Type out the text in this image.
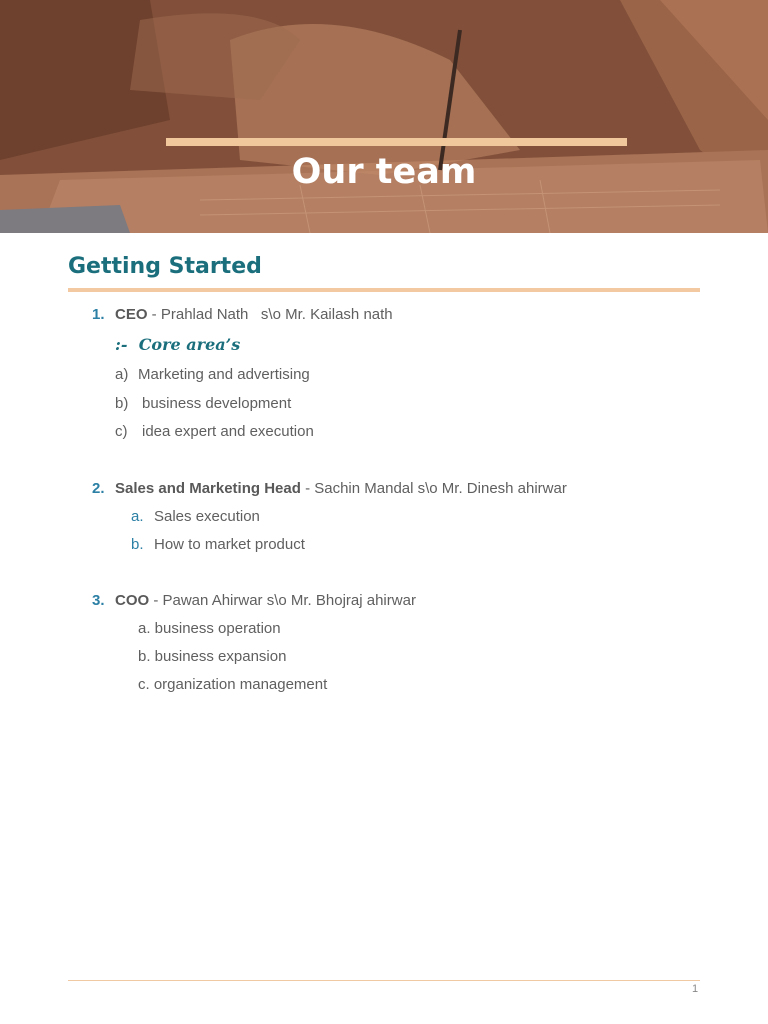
Our team
Getting Started
1. CEO - Prahlad Nath   s\o Mr. Kailash nath
:-  Core area’s
a) Marketing and advertising
b) business development
c) idea expert and execution
2. Sales and Marketing Head - Sachin Mandal s\o Mr. Dinesh ahirwar
a. Sales execution
b. How to market product
3. COO - Pawan Ahirwar s\o Mr. Bhojraj ahirwar
a. business operation
b. business expansion
c. organization management
1
